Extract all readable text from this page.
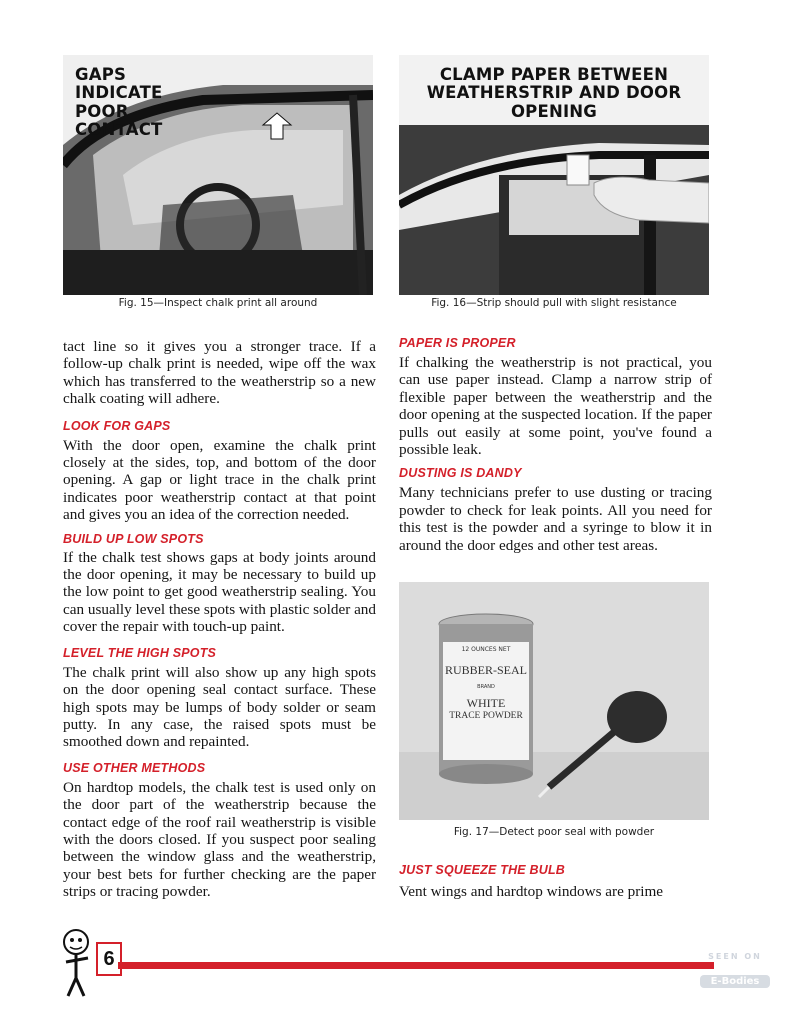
GAPS INDICATE
POOR CONTACT
Fig. 15—Inspect chalk print all around
CLAMP PAPER BETWEEN
WEATHERSTRIP AND DOOR OPENING
Fig. 16—Strip should pull with slight resistance

tact line so it gives you a stronger trace. If a follow-up chalk print is needed, wipe off the wax which has transferred to the weatherstrip so a new chalk coating will adhere.

LOOK FOR GAPS

With the door open, examine the chalk print closely at the sides, top, and bottom of the door opening. A gap or light trace in the chalk print indicates poor weatherstrip contact at that point and gives you an idea of the correction needed.

BUILD UP LOW SPOTS

If the chalk test shows gaps at body joints around the door opening, it may be necessary to build up the low point to get good weatherstrip sealing. You can usually level these spots with plastic solder and cover the repair with touch-up paint.

LEVEL THE HIGH SPOTS

The chalk print will also show up any high spots on the door opening seal contact surface. These high spots may be lumps of body solder or seam putty. In any case, the raised spots must be smoothed down and repainted.

USE OTHER METHODS

On hardtop models, the chalk test is used only on the door part of the weatherstrip because the contact edge of the roof rail weatherstrip is visible with the doors closed. If you suspect poor sealing between the window glass and the weatherstrip, your best bets for further checking are the paper strips or tracing powder.

PAPER IS PROPER

If chalking the weatherstrip is not practical, you can use paper instead. Clamp a narrow strip of flexible paper between the weatherstrip and the door opening at the suspected location. If the paper pulls out easily at some point, you've found a possible leak.

DUSTING IS DANDY

Many technicians prefer to use dusting or tracing powder to check for leak points. All you need for this test is the powder and a syringe to blow it in around the door edges and other test areas.

12 OUNCES NET
RUBBER-SEAL
BRAND
WHITE
TRACE POWDER
Fig. 17—Detect poor seal with powder
JUST SQUEEZE THE BULB

Vent wings and hardtop windows are prime

6	SEEN ON
E-Bodies
